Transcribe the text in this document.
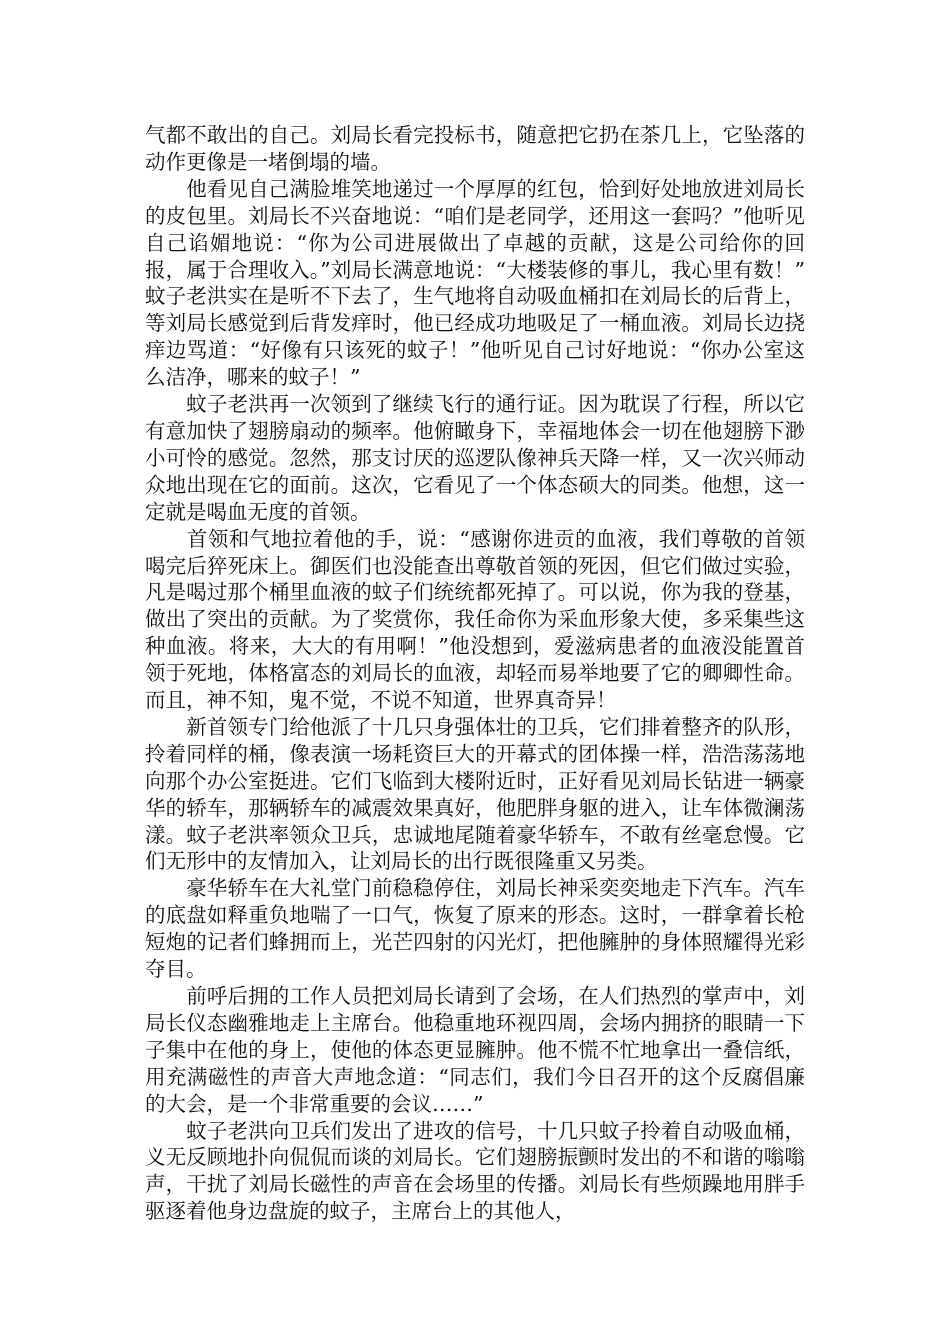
气都不敢出的自己。刘局长看完投标书，随意把它扔在茶几上，它坠落的动作更像是一堵倒塌的墙。

　　他看见自己满脸堆笑地递过一个厚厚的红包，恰到好处地放进刘局长的皮包里。刘局长不兴奋地说：“咱们是老同学，还用这一套吗？”他听见自己谄媚地说：“你为公司进展做出了卓越的贡献，这是公司给你的回报，属于合理收入。”刘局长满意地说：“大楼装修的事儿，我心里有数！”　　　蚊子老洪实在是听不下去了，生气地将自动吸血桶扣在刘局长的后背上，等刘局长感觉到后背发痒时，他已经成功地吸足了一桶血液。刘局长边挠痒边骂道：“好像有只该死的蚊子！”他听见自己讨好地说：“你办公室这么洁净，哪来的蚊子！”

　　蚊子老洪再一次领到了继续飞行的通行证。因为耽误了行程，所以它有意加快了翅膀扇动的频率。他俯瞰身下，幸福地体会一切在他翅膀下渺小可怜的感觉。忽然，那支讨厌的巡逻队像神兵天降一样，又一次兴师动众地出现在它的面前。这次，它看见了一个体态硕大的同类。他想，这一定就是喝血无度的首领。

　　首领和气地拉着他的手，说：“感谢你进贡的血液，我们尊敬的首领喝完后猝死床上。御医们也没能查出尊敬首领的死因，但它们做过实验，凡是喝过那个桶里血液的蚊子们统统都死掉了。可以说，你为我的登基，做出了突出的贡献。为了奖赏你，我任命你为采血形象大使，多采集些这种血液。将来，大大的有用啊！”他没想到，爱滋病患者的血液没能置首领于死地，体格富态的刘局长的血液，却轻而易举地要了它的卿卿性命。而且，神不知，鬼不觉，不说不知道，世界真奇异！

　　新首领专门给他派了十几只身强体壮的卫兵，它们排着整齐的队形，拎着同样的桶，像表演一场耗资巨大的开幕式的团体操一样，浩浩荡荡地向那个办公室挺进。它们飞临到大楼附近时，正好看见刘局长钻进一辆豪华的轿车，那辆轿车的减震效果真好，他肥胖身躯的进入，让车体微澜荡漾。蚊子老洪率领众卫兵，忠诚地尾随着豪华轿车，不敢有丝毫怠慢。它们无形中的友情加入，让刘局长的出行既很隆重又另类。

　　豪华轿车在大礼堂门前稳稳停住，刘局长神采奕奕地走下汽车。汽车的底盘如释重负地喘了一口气，恢复了原来的形态。这时，一群拿着长枪短炮的记者们蜂拥而上，光芒四射的闪光灯，把他臃肿的身体照耀得光彩夺目。

　　前呼后拥的工作人员把刘局长请到了会场，在人们热烈的掌声中，刘局长仪态幽雅地走上主席台。他稳重地环视四周，会场内拥挤的眼睛一下子集中在他的身上，使他的体态更显臃肿。他不慌不忙地拿出一叠信纸，用充满磁性的声音大声地念道：“同志们，我们今日召开的这个反腐倡廉的大会，是一个非常重要的会议……”

　　蚊子老洪向卫兵们发出了进攻的信号，十几只蚊子拎着自动吸血桶，义无反顾地扑向侃侃而谈的刘局长。它们翅膀振颤时发出的不和谐的嗡嗡声，干扰了刘局长磁性的声音在会场里的传播。刘局长有些烦躁地用胖手驱逐着他身边盘旋的蚊子，主席台上的其他人，
